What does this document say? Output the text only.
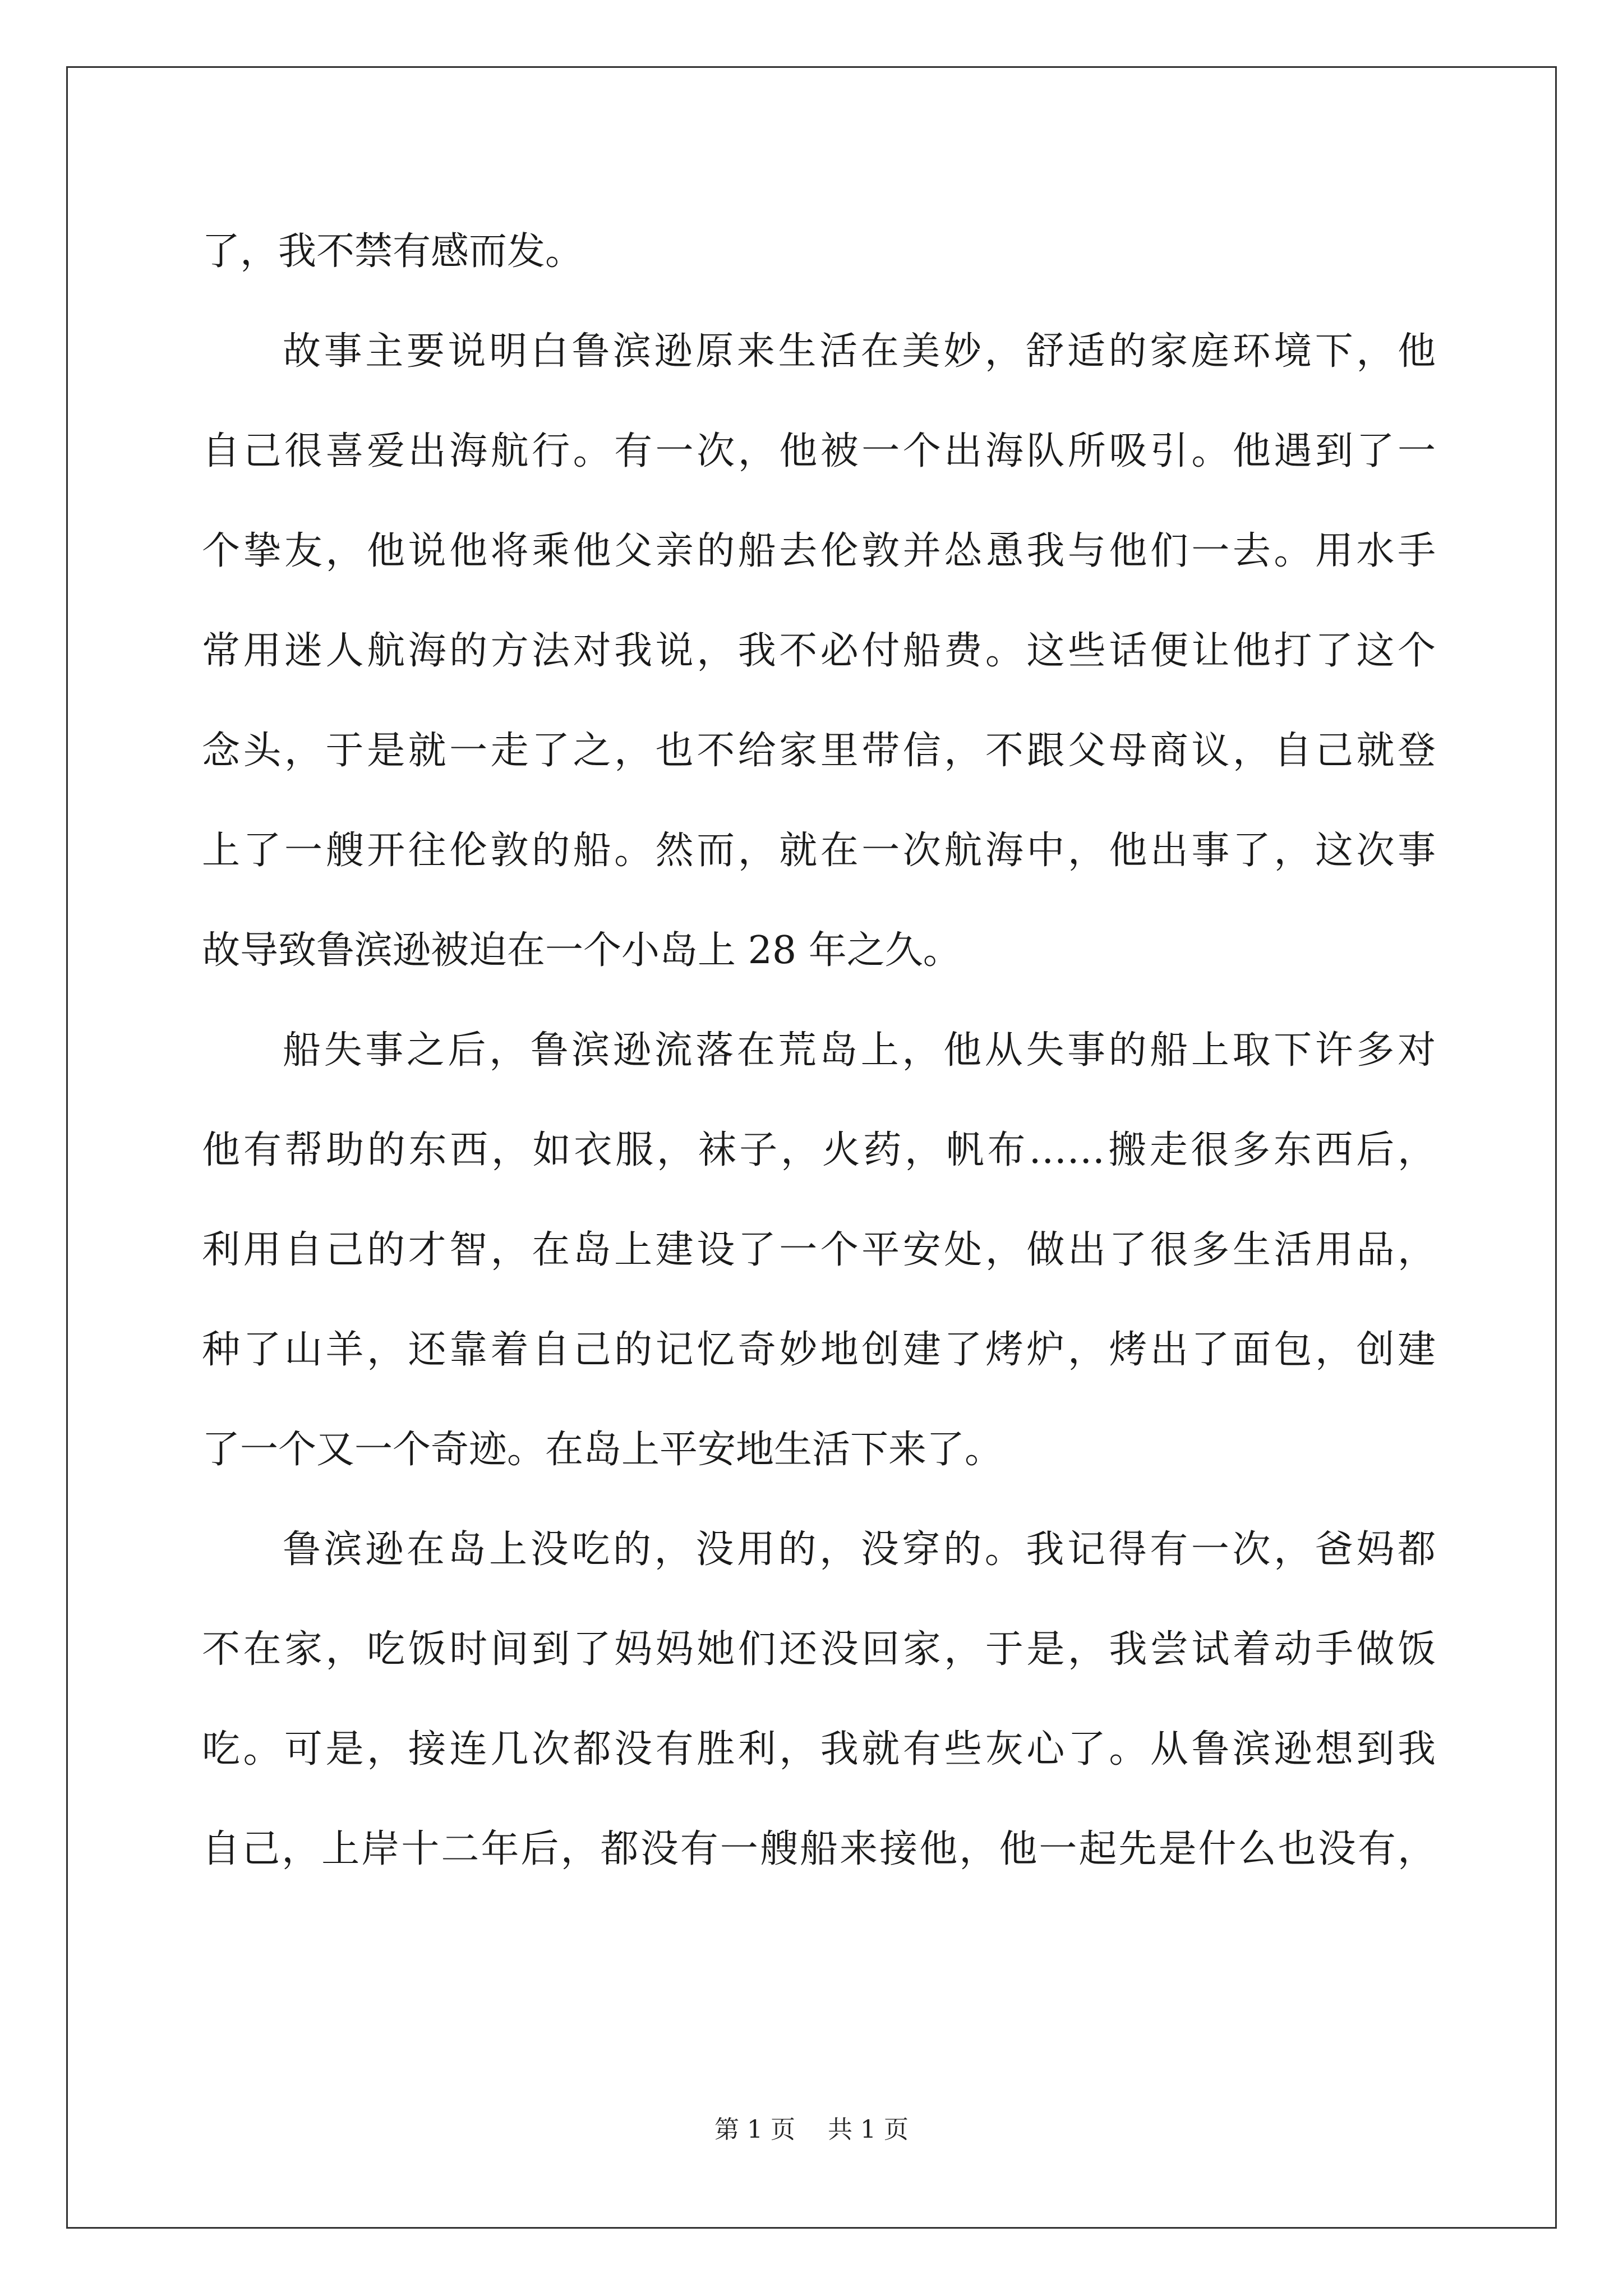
了，我不禁有感而发。
故事主要说明白鲁滨逊原来生活在美妙，舒适的家庭环境下，他
自己很喜爱出海航行。有一次，他被一个出海队所吸引。他遇到了一
个挚友，他说他将乘他父亲的船去伦敦并怂恿我与他们一去。用水手
常用迷人航海的方法对我说，我不必付船费。这些话便让他打了这个
念头，于是就一走了之，也不给家里带信，不跟父母商议，自己就登
上了一艘开往伦敦的船。然而，就在一次航海中，他出事了，这次事
故导致鲁滨逊被迫在一个小岛上 28 年之久。
船失事之后，鲁滨逊流落在荒岛上，他从失事的船上取下许多对
他有帮助的东西，如衣服，袜子，火药，帆布……搬走很多东西后，
利用自己的才智，在岛上建设了一个平安处，做出了很多生活用品，
种了山羊，还靠着自己的记忆奇妙地创建了烤炉，烤出了面包，创建
了一个又一个奇迹。在岛上平安地生活下来了。
鲁滨逊在岛上没吃的，没用的，没穿的。我记得有一次，爸妈都
不在家，吃饭时间到了妈妈她们还没回家，于是，我尝试着动手做饭
吃。可是，接连几次都没有胜利，我就有些灰心了。从鲁滨逊想到我
自己，上岸十二年后，都没有一艘船来接他，他一起先是什么也没有，
第 1 页 共 1 页
